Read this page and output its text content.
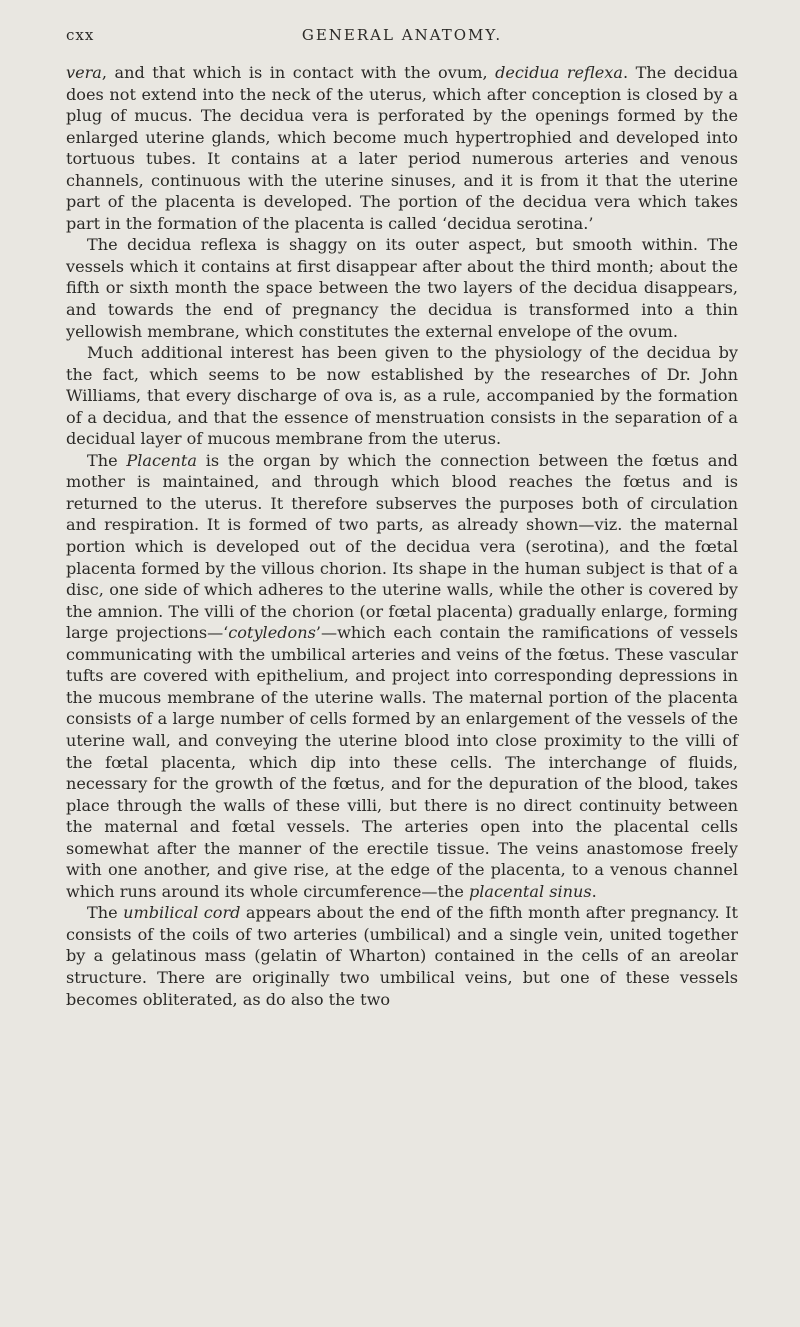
cxx	GENERAL ANATOMY.

vera, and that which is in contact with the ovum, decidua reflexa. The decidua does not extend into the neck of the uterus, which after conception is closed by a plug of mucus. The decidua vera is perforated by the openings formed by the enlarged uterine glands, which become much hypertrophied and developed into tortuous tubes. It contains at a later period numerous arteries and venous channels, continuous with the uterine sinuses, and it is from it that the uterine part of the placenta is developed. The portion of the decidua vera which takes part in the formation of the placenta is called ‘decidua serotina.’

The decidua reflexa is shaggy on its outer aspect, but smooth within. The vessels which it contains at first disappear after about the third month; about the fifth or sixth month the space between the two layers of the decidua disappears, and towards the end of pregnancy the decidua is transformed into a thin yellowish membrane, which constitutes the external envelope of the ovum.

Much additional interest has been given to the physiology of the decidua by the fact, which seems to be now established by the researches of Dr. John Williams, that every discharge of ova is, as a rule, accompanied by the formation of a decidua, and that the essence of menstruation consists in the separation of a decidual layer of mucous membrane from the uterus.

The Placenta is the organ by which the connection between the fœtus and mother is maintained, and through which blood reaches the fœtus and is returned to the uterus. It therefore subserves the purposes both of circulation and respiration. It is formed of two parts, as already shown—viz. the maternal portion which is developed out of the decidua vera (serotina), and the fœtal placenta formed by the villous chorion. Its shape in the human subject is that of a disc, one side of which adheres to the uterine walls, while the other is covered by the amnion. The villi of the chorion (or fœtal placenta) gradually enlarge, forming large projections—‘cotyledons’—which each contain the ramifications of vessels communicating with the umbilical arteries and veins of the fœtus. These vascular tufts are covered with epithelium, and project into corresponding depressions in the mucous membrane of the uterine walls. The maternal portion of the placenta consists of a large number of cells formed by an enlargement of the vessels of the uterine wall, and conveying the uterine blood into close proximity to the villi of the fœtal placenta, which dip into these cells. The interchange of fluids, necessary for the growth of the fœtus, and for the depuration of the blood, takes place through the walls of these villi, but there is no direct continuity between the maternal and fœtal vessels. The arteries open into the placental cells somewhat after the manner of the erectile tissue. The veins anastomose freely with one another, and give rise, at the edge of the placenta, to a venous channel which runs around its whole circumference—the placental sinus.

The umbilical cord appears about the end of the fifth month after pregnancy. It consists of the coils of two arteries (umbilical) and a single vein, united together by a gelatinous mass (gelatin of Wharton) contained in the cells of an areolar structure. There are originally two umbilical veins, but one of these vessels becomes obliterated, as do also the two
